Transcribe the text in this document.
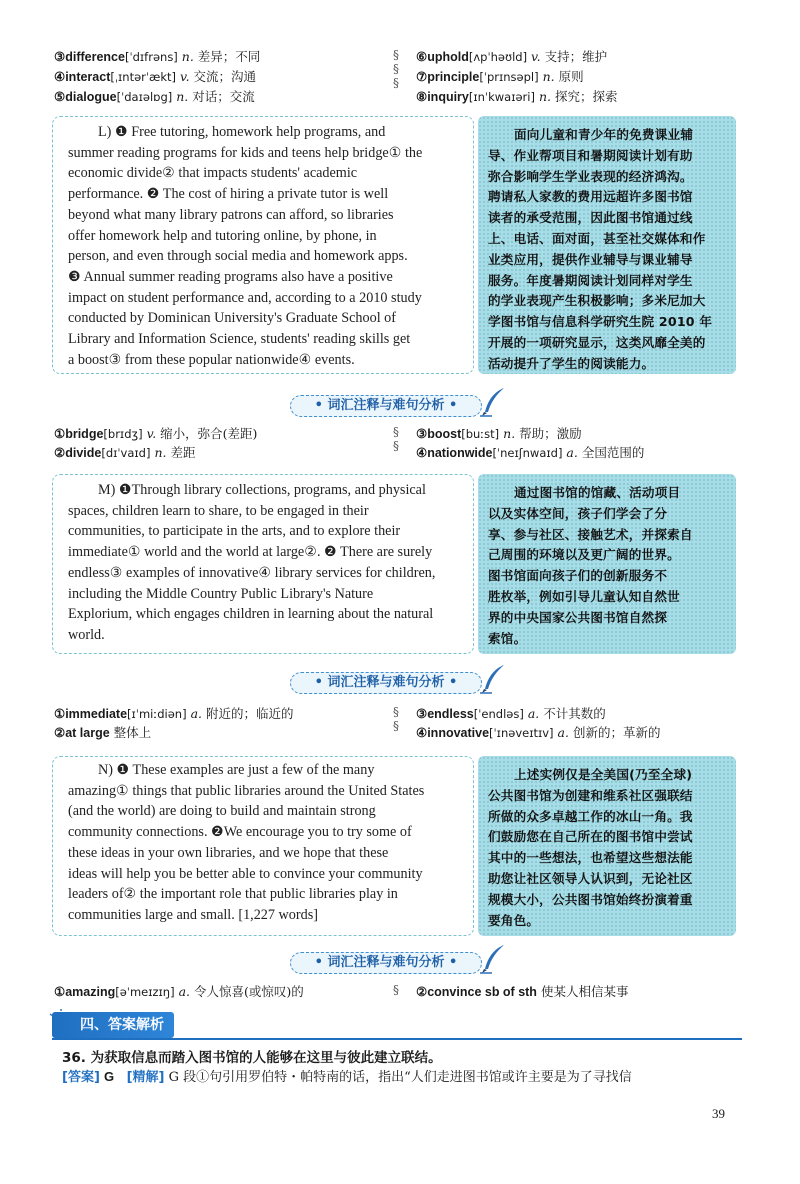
③difference[ˈdɪfrəns] n. 差异；不同
④interact[ˌɪntərˈækt] v. 交流；沟通
⑤dialogue[ˈdaɪəlɒg] n. 对话；交流
§
§
§
⑥uphold[ʌpˈhəʊld] v. 支持；维护
⑦principle[ˈprɪnsəpl] n. 原则
⑧inquiry[ɪnˈkwaɪəri] n. 探究；探索
L) ❶ Free tutoring, homework help programs, and
summer reading programs for kids and teens help bridge① the
economic divide② that impacts students' academic
performance. ❷ The cost of hiring a private tutor is well
beyond what many library patrons can afford, so libraries
offer homework help and tutoring online, by phone, in
person, and even through social media and homework apps.
❸ Annual summer reading programs also have a positive
impact on student performance and, according to a 2010 study
conducted by Dominican University's Graduate School of
Library and Information Science, students' reading skills get
a boost③ from these popular nationwide④ events.
面向儿童和青少年的免费课业辅
导、作业帮项目和暑期阅读计划有助
弥合影响学生学业表现的经济鸿沟。
聘请私人家教的费用远超许多图书馆
读者的承受范围，因此图书馆通过线
上、电话、面对面，甚至社交媒体和作
业类应用，提供作业辅导与课业辅导
服务。年度暑期阅读计划同样对学生
的学业表现产生积极影响；多米尼加大
学图书馆与信息科学研究生院 2010 年
开展的一项研究显示，这类风靡全美的
活动提升了学生的阅读能力。
• 词汇注释与难句分析 •
①bridge[brɪdʒ] v. 缩小，弥合(差距)
②divide[dɪˈvaɪd] n. 差距
§
§
③boost[buːst] n. 帮助；激励
④nationwide[ˈneɪʃnwaɪd] a. 全国范围的
M) ❶Through library collections, programs, and physical
spaces, children learn to share, to be engaged in their
communities, to participate in the arts, and to explore their
immediate① world and the world at large②. ❷ There are surely
endless③ examples of innovative④ library services for children,
including the Middle Country Public Library's Nature
Explorium, which engages children in learning about the natural
world.
通过图书馆的馆藏、活动项目
以及实体空间，孩子们学会了分
享、参与社区、接触艺术，并探索自
己周围的环境以及更广阔的世界。
图书馆面向孩子们的创新服务不
胜枚举，例如引导儿童认知自然世
界的中央国家公共图书馆自然探
索馆。
• 词汇注释与难句分析 •
①immediate[ɪˈmiːdiən] a. 附近的；临近的
②at large 整体上
§
§
③endless[ˈendləs] a. 不计其数的
④innovative[ˈɪnəveɪtɪv] a. 创新的；革新的
N) ❶ These examples are just a few of the many
amazing① things that public libraries around the United States
(and the world) are doing to build and maintain strong
community connections. ❷We encourage you to try some of
these ideas in your own libraries, and we hope that these
ideas will help you be better able to convince your community
leaders of② the important role that public libraries play in
communities large and small. [1,227 words]
上述实例仅是全美国(乃至全球)
公共图书馆为创建和维系社区强联结
所做的众多卓越工作的冰山一角。我
们鼓励您在自己所在的图书馆中尝试
其中的一些想法，也希望这些想法能
助您让社区领导人认识到，无论社区
规模大小，公共图书馆始终扮演着重
要角色。
• 词汇注释与难句分析 •
①amazing[əˈmeɪzɪŋ] a. 令人惊喜(或惊叹)的	§ ②convince sb of sth 使某人相信某事
四、答案解析
36. 为获取信息而踏入图书馆的人能够在这里与彼此建立联结。
[答案] G [精解] G 段①句引用罗伯特・帕特南的话，指出“人们走进图书馆或许主要是为了寻找信
39
